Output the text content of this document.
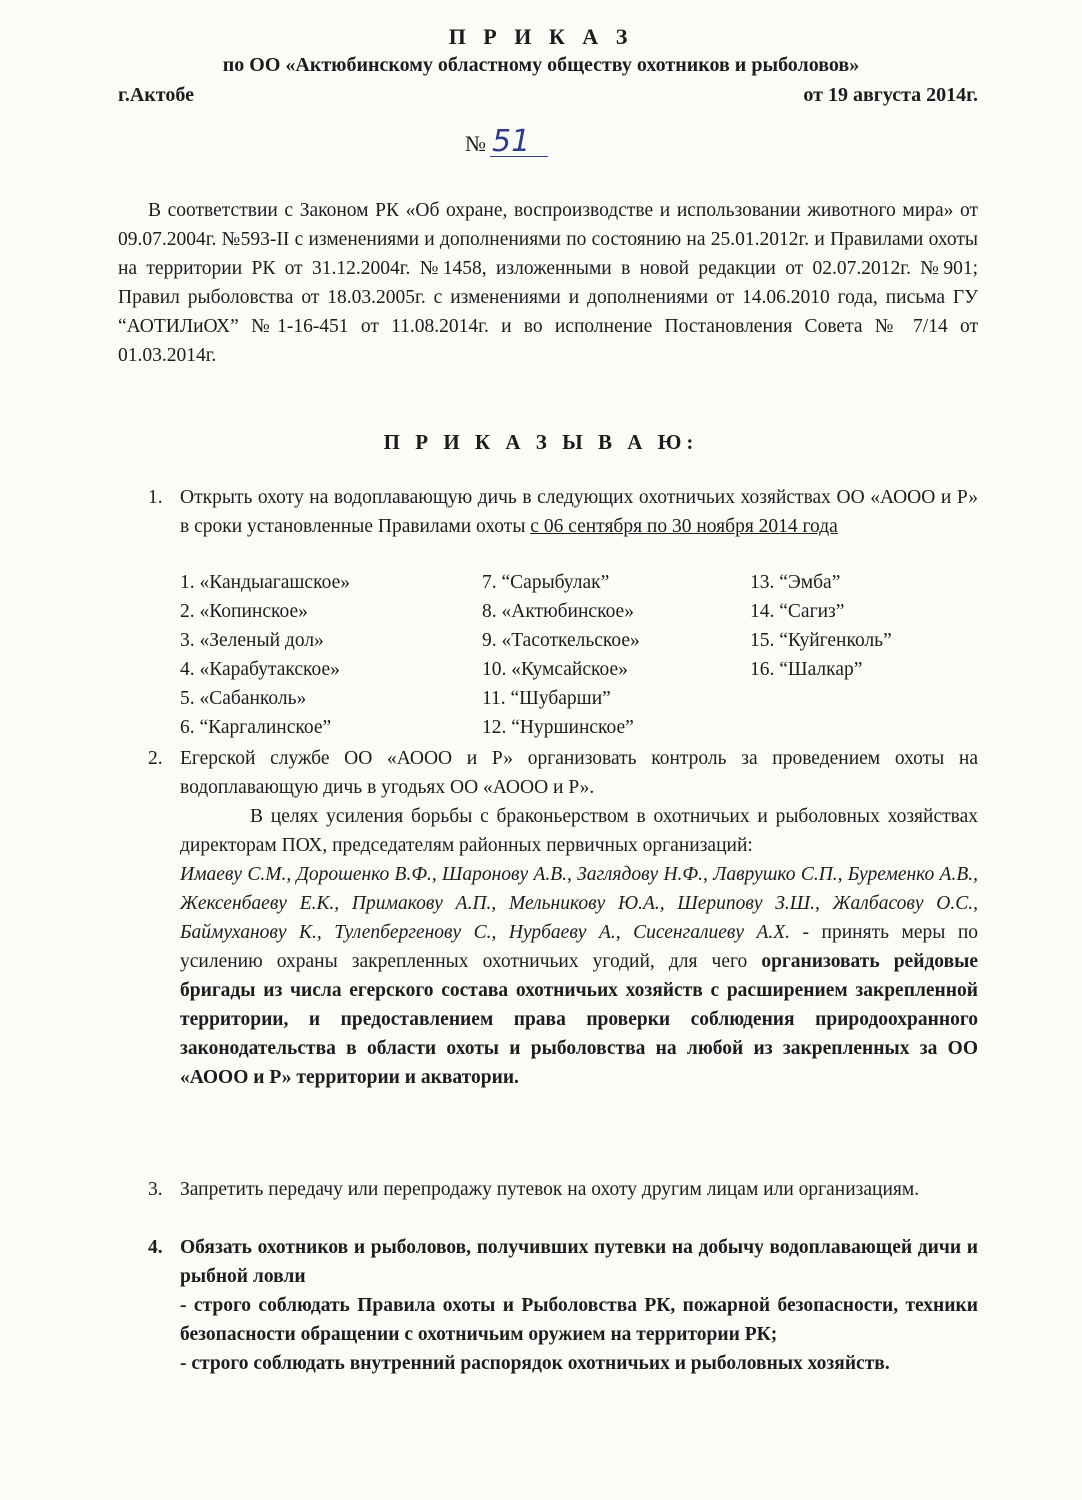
П Р И К А З
по ОО «Актюбинскому областному обществу охотников и рыболовов»
г.Актобе	от 19 августа 2014г.
№ 51

В соответствии с Законом РК «Об охране, воспроизводстве и использовании животного мира» от 09.07.2004г. №593-II с изменениями и дополнениями по состоянию на 25.01.2012г. и Правилами охоты на территории РК от 31.12.2004г. №1458, изложенными в новой редакции от 02.07.2012г. №901; Правил рыболовства от 18.03.2005г. с изменениями и дополнениями от 14.06.2010 года, письма ГУ “АОТИЛиОХ” №1-16-451 от 11.08.2014г. и во исполнение Постановления Совета № 7/14 от 01.03.2014г.

П Р И К А З Ы В А Ю:
1. Открыть охоту на водоплавающую дичь в следующих охотничьих хозяйствах ОО «АООО и Р» в сроки установленные Правилами охоты с 06 сентября по 30 ноября 2014 года
1. «Кандыагашское»
2. «Копинское»
3. «Зеленый дол»
4. «Карабутакское»
5. «Сабанколь»
6. “Каргалинское”
7. “Сарыбулак”
8. «Актюбинское»
9. «Тасоткельское»
10. «Кумсайское»
11. “Шубарши”
12. “Нуршинское”
13. “Эмба”
14. “Сагиз”
15. “Куйгенколь”
16. “Шалкар”
2. Егерской службе ОО «АООО и Р» организовать контроль за проведением охоты на водоплавающую дичь в угодьях ОО «АООО и Р».
В целях усиления борьбы с браконьерством в охотничьих и рыболовных хозяйствах директорам ПОХ, председателям районных первичных организаций:
Имаеву С.М., Дорошенко В.Ф., Шаронову А.В., Заглядову Н.Ф., Лаврушко С.П., Буременко А.В., Жексенбаеву Е.К., Примакову А.П., Мельникову Ю.А., Шерипову З.Ш., Жалбасову О.С., Баймуханову К., Тулепбергенову С., Нурбаеву А., Сисенгалиеву А.Х. - принять меры по усилению охраны закрепленных охотничьих угодий, для чего организовать рейдовые бригады из числа егерского состава охотничьих хозяйств с расширением закрепленной территории, и предоставлением права проверки соблюдения природоохранного законодательства в области охоты и рыболовства на любой из закрепленных за ОО «АООО и Р» территории и акватории.
3. Запретить передачу или перепродажу путевок на охоту другим лицам или организациям.
4. Обязать охотников и рыболовов, получивших путевки на добычу водоплавающей дичи и рыбной ловли
- строго соблюдать Правила охоты и Рыболовства РК, пожарной безопасности, техники безопасности обращении с охотничьим оружием на территории РК;
- строго соблюдать внутренний распорядок охотничьих и рыболовных хозяйств.
